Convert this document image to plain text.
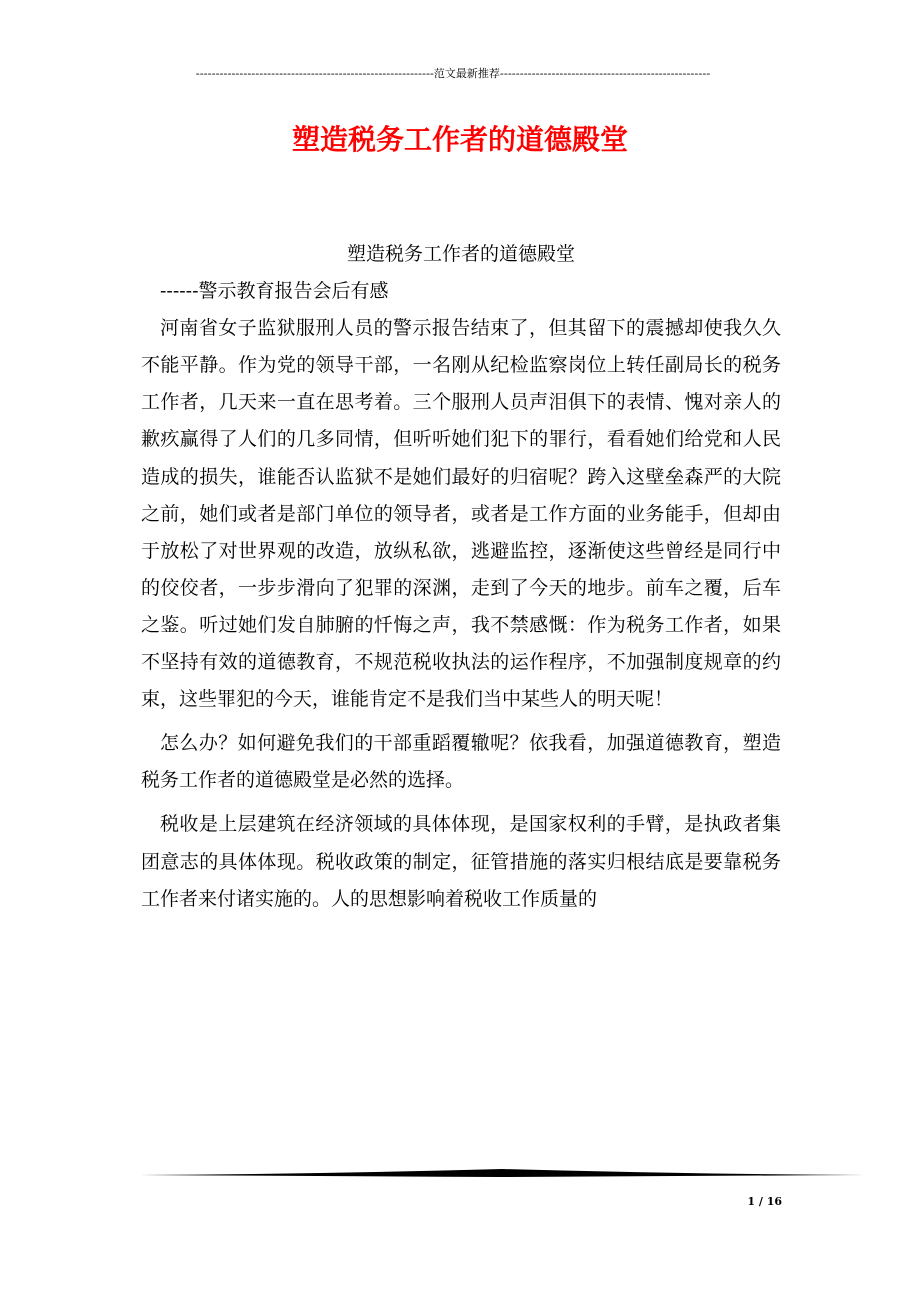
------------------------------------------------------------范文最新推荐-----------------------------------------------------
塑造税务工作者的道德殿堂

塑造税务工作者的道德殿堂

------警示教育报告会后有感

河南省女子监狱服刑人员的警示报告结束了，但其留下的震撼却使我久久不能平静。作为党的领导干部，一名刚从纪检监察岗位上转任副局长的税务工作者，几天来一直在思考着。三个服刑人员声泪俱下的表情、愧对亲人的歉疚赢得了人们的几多同情，但听听她们犯下的罪行，看看她们给党和人民造成的损失，谁能否认监狱不是她们最好的归宿呢？跨入这壁垒森严的大院之前，她们或者是部门单位的领导者，或者是工作方面的业务能手，但却由于放松了对世界观的改造，放纵私欲，逃避监控，逐渐使这些曾经是同行中的佼佼者，一步步滑向了犯罪的深渊，走到了今天的地步。前车之覆，后车之鉴。听过她们发自肺腑的忏悔之声，我不禁感慨：作为税务工作者，如果不坚持有效的道德教育，不规范税收执法的运作程序，不加强制度规章的约束，这些罪犯的今天，谁能肯定不是我们当中某些人的明天呢！

怎么办？如何避免我们的干部重蹈覆辙呢？依我看，加强道德教育，塑造税务工作者的道德殿堂是必然的选择。

税收是上层建筑在经济领域的具体体现，是国家权利的手臂，是执政者集团意志的具体体现。税收政策的制定，征管措施的落实归根结底是要靠税务工作者来付诸实施的。人的思想影响着税收工作质量的

1 / 16
